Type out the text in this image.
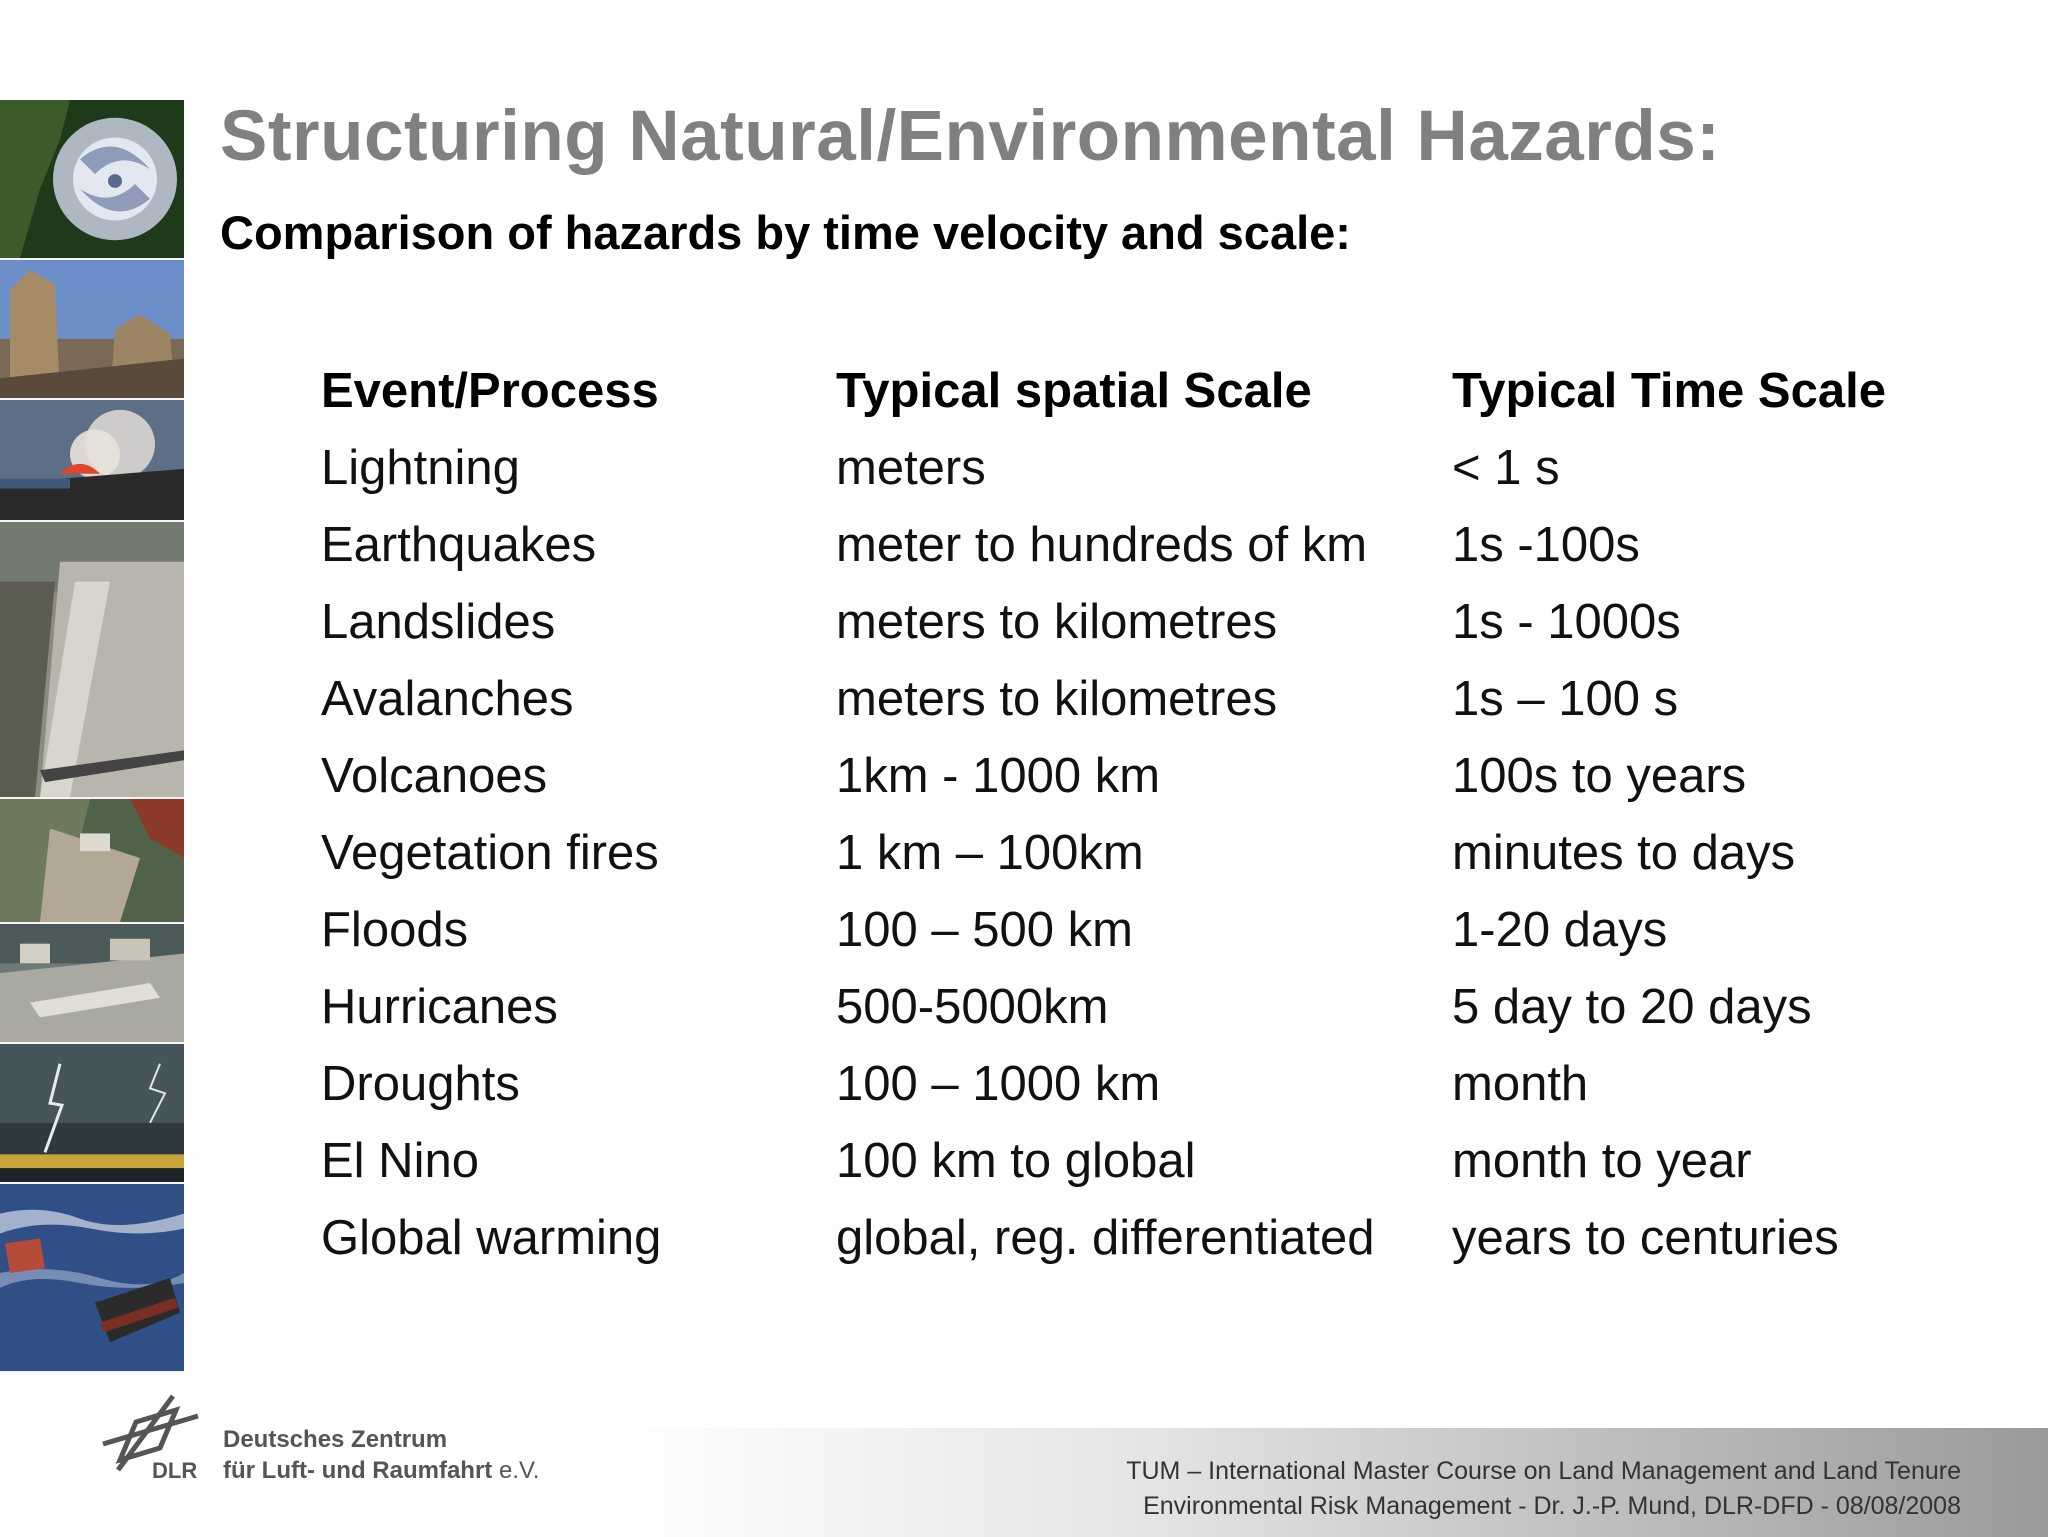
Structuring Natural/Environmental Hazards:
Comparison of hazards by time velocity and scale:
Event/Process	Typical spatial Scale	Typical Time Scale
Lightning	meters	< 1 s
Earthquakes	meter to hundreds of km	1s -100s
Landslides	meters to kilometres	1s - 1000s
Avalanches	meters to kilometres	1s – 100 s
Volcanoes	1km - 1000 km	100s to years
Vegetation fires	1 km – 100km	minutes to days
Floods	100 – 500 km	1-20 days
Hurricanes	500-5000km	5 day to 20 days
Droughts	100 – 1000 km	month
El Nino	100 km to global	month to year
Global warming	global, reg. differentiated	years to centuries
DLR
Deutsches Zentrum
für Luft- und Raumfahrt e.V.	TUM – International Master Course on Land Management and Land Tenure
Environmental Risk Management - Dr. J.-P. Mund, DLR-DFD - 08/08/2008
